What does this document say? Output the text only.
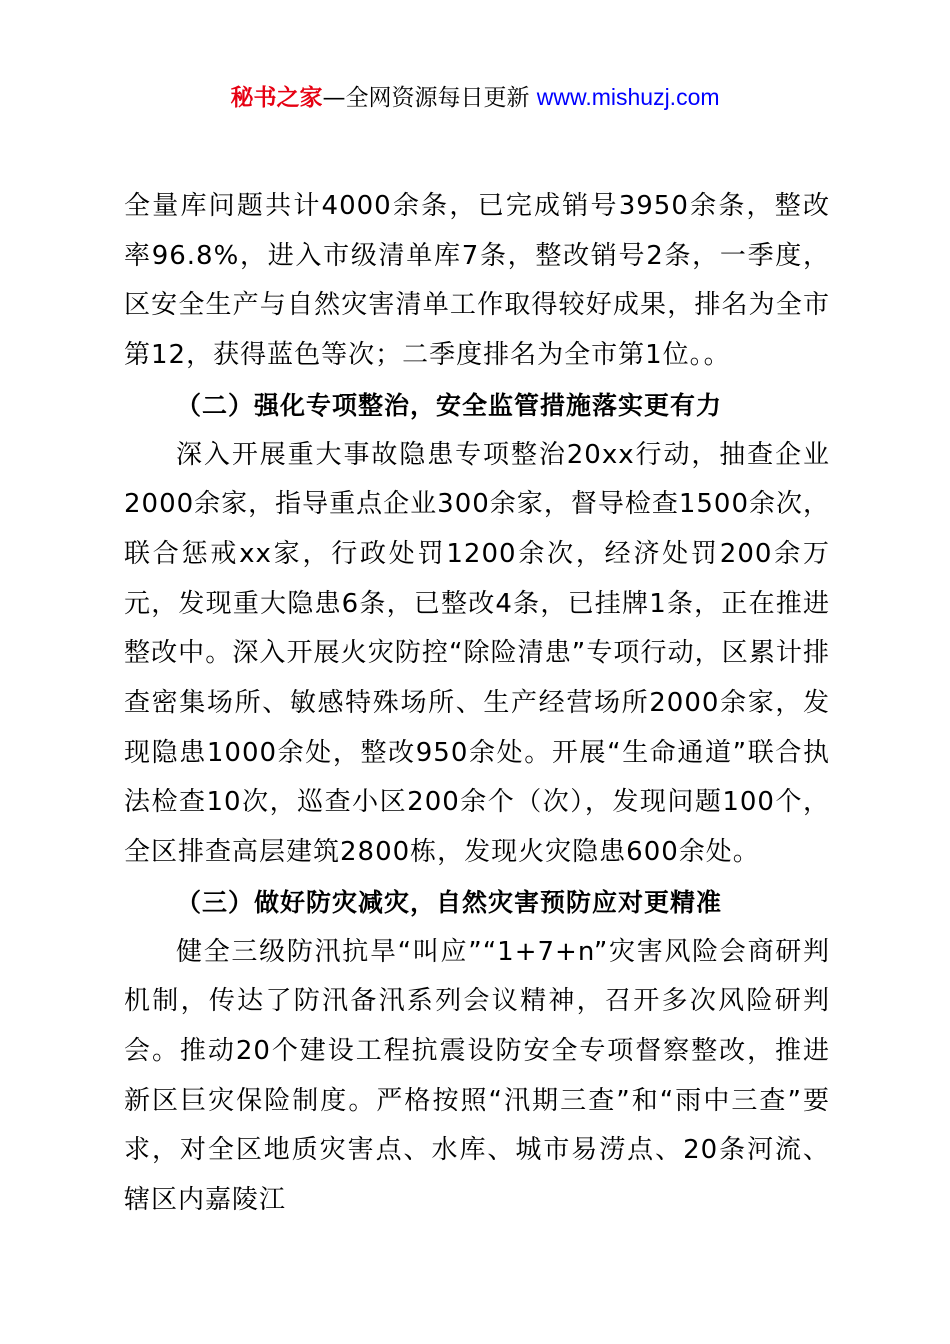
秘书之家—全网资源每日更新 www.mishuzj.com

全量库问题共计4000余条，已完成销号3950余条，整改率96.8%，进入市级清单库7条，整改销号2条，一季度，区安全生产与自然灾害清单工作取得较好成果，排名为全市第12，获得蓝色等次；二季度排名为全市第1位。。

（二）强化专项整治，安全监管措施落实更有力

深入开展重大事故隐患专项整治20xx行动，抽查企业2000余家，指导重点企业300余家，督导检查1500余次，联合惩戒xx家，行政处罚1200余次，经济处罚200余万元，发现重大隐患6条，已整改4条，已挂牌1条，正在推进整改中。深入开展火灾防控“除险清患”专项行动，区累计排查密集场所、敏感特殊场所、生产经营场所2000余家，发现隐患1000余处，整改950余处。开展“生命通道”联合执法检查10次，巡查小区200余个（次），发现问题100个，全区排查高层建筑2800栋，发现火灾隐患600余处。

（三）做好防灾减灾，自然灾害预防应对更精准

健全三级防汛抗旱“叫应”“1+7+n”灾害风险会商研判机制，传达了防汛备汛系列会议精神，召开多次风险研判会。推动20个建设工程抗震设防安全专项督察整改，推进新区巨灾保险制度。严格按照“汛期三查”和“雨中三查”要求，对全区地质灾害点、水库、城市易涝点、20条河流、辖区内嘉陵江
